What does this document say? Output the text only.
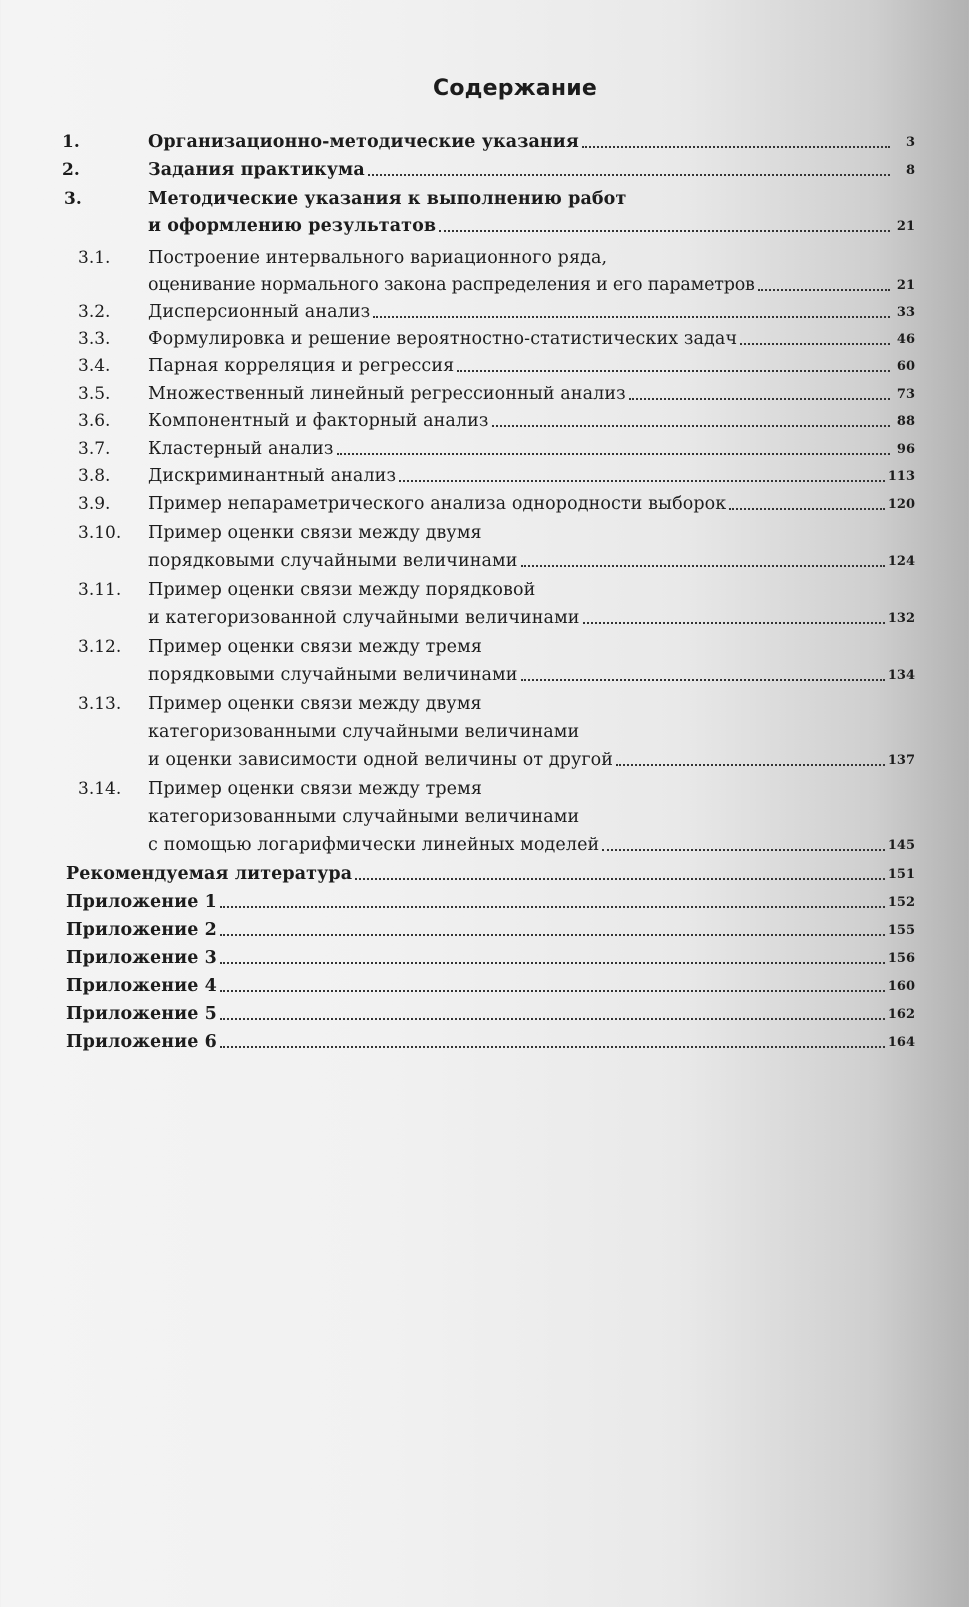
Содержание
1.	Организационно-методические указания	3
2.	Задания практикума	8
3.	Методические указания к выполнению работ
и оформлению результатов	21
3.1. Построение интервального вариационного ряда,
оценивание нормального закона распределения и его параметров	21
3.2. Дисперсионный анализ	33
3.3. Формулировка и решение вероятностно-статистических задач	46
3.4. Парная корреляция и регрессия	60
3.5. Множественный линейный регрессионный анализ	73
3.6. Компонентный и факторный анализ	88
3.7. Кластерный анализ	96
3.8. Дискриминантный анализ	113
3.9. Пример непараметрического анализа однородности выборок	120
3.10. Пример оценки связи между двумя
порядковыми случайными величинами	124
3.11. Пример оценки связи между порядковой
и категоризованной случайными величинами	132
3.12. Пример оценки связи между тремя
порядковыми случайными величинами	134
3.13. Пример оценки связи между двумя
категоризованными случайными величинами
и оценки зависимости одной величины от другой	137
3.14. Пример оценки связи между тремя
категоризованными случайными величинами
с помощью логарифмически линейных моделей	145
Рекомендуемая литература	151
Приложение 1	152
Приложение 2	155
Приложение 3	156
Приложение 4	160
Приложение 5	162
Приложение 6	164
